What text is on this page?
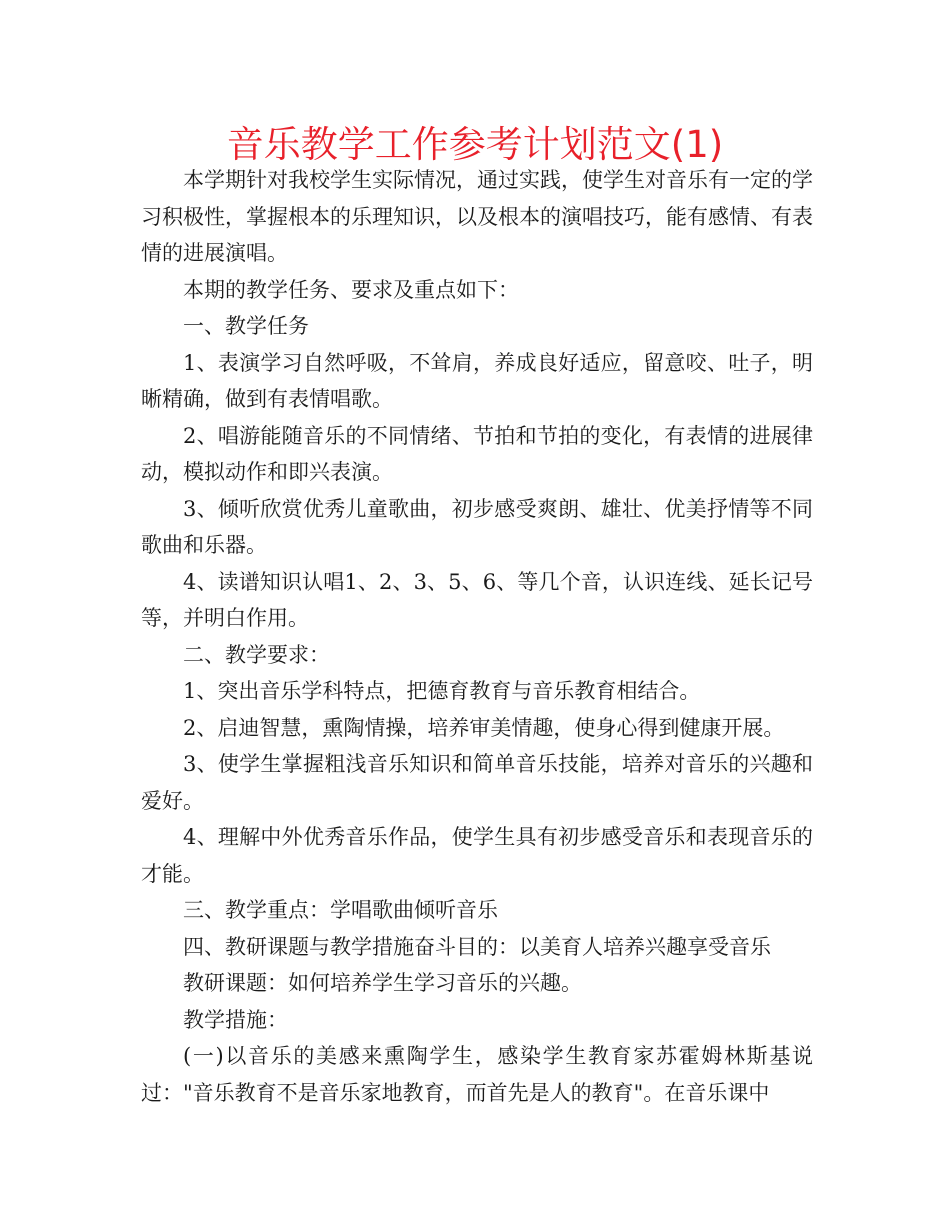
音乐教学工作参考计划范文(1)

本学期针对我校学生实际情况，通过实践，使学生对音乐有一定的学习积极性，掌握根本的乐理知识，以及根本的演唱技巧，能有感情、有表情的进展演唱。

本期的教学任务、要求及重点如下：

一、教学任务

1、表演学习自然呼吸，不耸肩，养成良好适应，留意咬、吐子，明晰精确，做到有表情唱歌。

2、唱游能随音乐的不同情绪、节拍和节拍的变化，有表情的进展律动，模拟动作和即兴表演。

3、倾听欣赏优秀儿童歌曲，初步感受爽朗、雄壮、优美抒情等不同歌曲和乐器。

4、读谱知识认唱1、2、3、5、6、等几个音，认识连线、延长记号等，并明白作用。

二、教学要求：

1、突出音乐学科特点，把德育教育与音乐教育相结合。

2、启迪智慧，熏陶情操，培养审美情趣，使身心得到健康开展。

3、使学生掌握粗浅音乐知识和简单音乐技能，培养对音乐的兴趣和爱好。

4、理解中外优秀音乐作品，使学生具有初步感受音乐和表现音乐的才能。

三、教学重点：学唱歌曲倾听音乐

四、教研课题与教学措施奋斗目的：以美育人培养兴趣享受音乐

教研课题：如何培养学生学习音乐的兴趣。

教学措施：

(一)以音乐的美感来熏陶学生，感染学生教育家苏霍姆林斯基说过："音乐教育不是音乐家地教育，而首先是人的教育"。在音乐课中
